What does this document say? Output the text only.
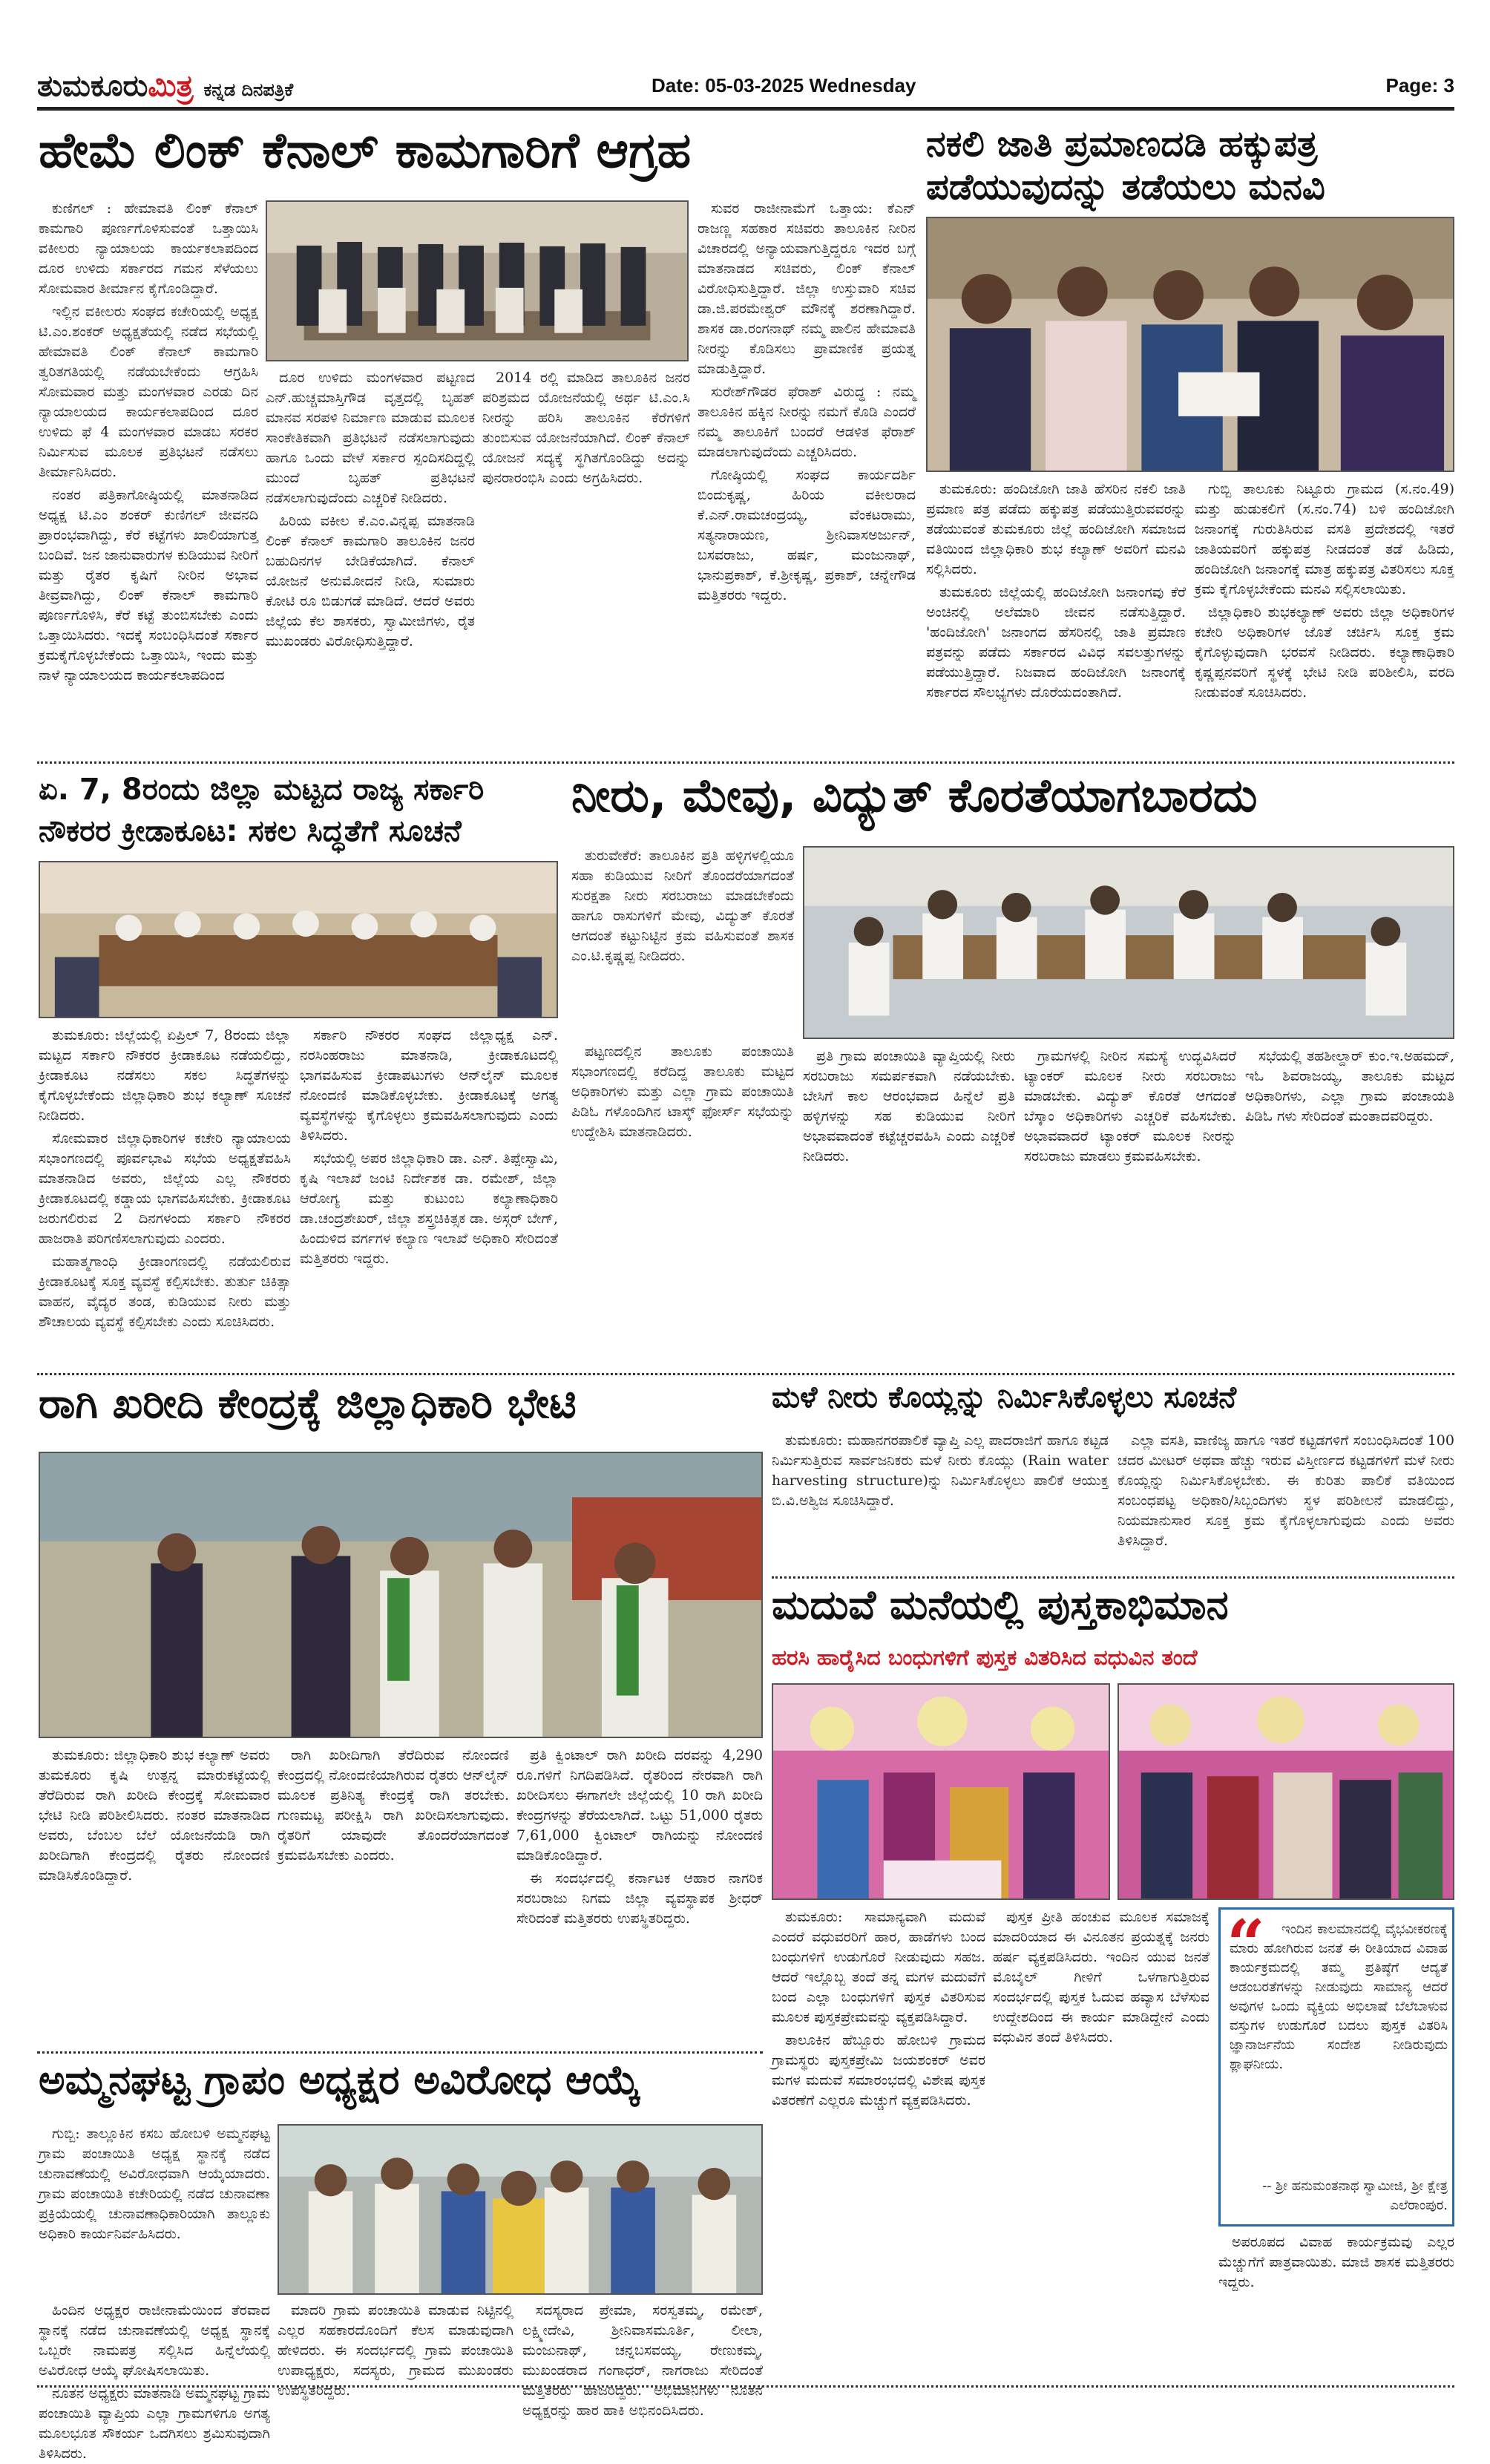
ತುಮಕೂರುಮಿತ್ರ ಕನ್ನಡ ದಿನಪತ್ರಿಕೆ	Date: 05-03-2025 Wednesday	Page: 3
ಹೇಮೆ ಲಿಂಕ್ ಕೆನಾಲ್ ಕಾಮಗಾರಿಗೆ ಆಗ್ರಹ

ಕುಣಿಗಲ್ : ಹೇಮಾವತಿ ಲಿಂಕ್ ಕೆನಾಲ್ ಕಾಮಗಾರಿ ಪೂರ್ಣಗೊಳಿಸುವಂತೆ ಒತ್ತಾಯಿಸಿ ವಕೀಲರು ನ್ಯಾಯಾಲಯ ಕಾರ್ಯಕಲಾಪದಿಂದ ದೂರ ಉಳಿದು ಸರ್ಕಾರದ ಗಮನ ಸೆಳೆಯಲು ಸೋಮವಾರ ತೀರ್ಮಾನ ಕೈಗೊಂಡಿದ್ದಾರೆ.

ಇಲ್ಲಿನ ವಕೀಲರು ಸಂಘದ ಕಚೇರಿಯಲ್ಲಿ ಅಧ್ಯಕ್ಷ ಟಿ.ಎಂ.ಶಂಕರ್ ಅಧ್ಯಕ್ಷತೆಯಲ್ಲಿ ನಡೆದ ಸಭೆಯಲ್ಲಿ ಹೇಮಾವತಿ ಲಿಂಕ್ ಕೆನಾಲ್ ಕಾಮಗಾರಿ ತ್ವರಿತಗತಿಯಲ್ಲಿ ನಡೆಯಬೇಕೆಂದು ಆಗ್ರಹಿಸಿ ಸೋಮವಾರ ಮತ್ತು ಮಂಗಳವಾರ ಎರಡು ದಿನ ನ್ಯಾಯಾಲಯದ ಕಾರ್ಯಕಲಾಪದಿಂದ ದೂರ ಉಳಿದು ಫೆ 4 ಮಂಗಳವಾರ ಮಾಡಬ ಸರಕರ ನಿರ್ಮಿಸುವ ಮೂಲಕ ಪ್ರತಿಭಟನೆ ನಡೆಸಲು ತೀರ್ಮಾನಿಸಿದರು.

ನಂತರ ಪತ್ರಿಕಾಗೋಷ್ಠಿಯಲ್ಲಿ ಮಾತನಾಡಿದ ಅಧ್ಯಕ್ಷ ಟಿ.ಎಂ ಶಂಕರ್ ಕುಣಿಗಲ್ ಜೀವನದಿ ಪ್ರಾರಂಭವಾಗಿದ್ದು, ಕೆರೆ ಕಟ್ಟೆಗಳು ಖಾಲಿಯಾಗುತ್ತ ಬಂದಿವೆ. ಜನ ಜಾನುವಾರುಗಳ ಕುಡಿಯುವ ನೀರಿಗೆ ಮತ್ತು ರೈತರ ಕೃಷಿಗೆ ನೀರಿನ ಅಭಾವ ತೀವ್ರವಾಗಿದ್ದು, ಲಿಂಕ್ ಕೆನಾಲ್ ಕಾಮಗಾರಿ ಪೂರ್ಣಗೊಳಿಸಿ, ಕೆರೆ ಕಟ್ಟೆ ತುಂಬಿಸಬೇಕು ಎಂದು ಒತ್ತಾಯಿಸಿದರು. ಇದಕ್ಕೆ ಸಂಬಂಧಿಸಿದಂತೆ ಸರ್ಕಾರ ಕ್ರಮಕೈಗೊಳ್ಳಬೇಕೆಂದು ಒತ್ತಾಯಿಸಿ, ಇಂದು ಮತ್ತು ನಾಳೆ ನ್ಯಾಯಾಲಯದ ಕಾರ್ಯಕಲಾಪದಿಂದ

ದೂರ ಉಳಿದು ಮಂಗಳವಾರ ಪಟ್ಟಣದ ಎನ್.ಹುಚ್ಚಮಾಸ್ತಿಗೌಡ ವೃತ್ತದಲ್ಲಿ ಬೃಹತ್ ಮಾನವ ಸರಪಳಿ ನಿರ್ಮಾಣ ಮಾಡುವ ಮೂಲಕ ಸಾಂಕೇತಿಕವಾಗಿ ಪ್ರತಿಭಟನೆ ನಡೆಸಲಾಗುವುದು ಹಾಗೂ ಒಂದು ವೇಳೆ ಸರ್ಕಾರ ಸ್ಪಂದಿಸದಿದ್ದಲ್ಲಿ ಮುಂದೆ ಬೃಹತ್ ಪ್ರತಿಭಟನೆ ನಡೆಸಲಾಗುವುದೆಂದು ಎಚ್ಚರಿಕೆ ನೀಡಿದರು.

ಹಿರಿಯ ವಕೀಲ ಕೆ.ಎಂ.ವಿನ್ನಪ್ಪ ಮಾತನಾಡಿ ಲಿಂಕ್ ಕೆನಾಲ್ ಕಾಮಗಾರಿ ತಾಲೂಕಿನ ಜನರ ಬಹುದಿನಗಳ ಬೇಡಿಕೆಯಾಗಿದೆ. ಕೆನಾಲ್ ಯೋಜನೆ ಅನುಮೋದನೆ ನೀಡಿ, ಸುಮಾರು ಕೋಟಿ ರೂ ಬಿಡುಗಡೆ ಮಾಡಿದೆ. ಆದರೆ ಅವರು ಜಿಲ್ಲೆಯ ಕೆಲ ಶಾಸಕರು, ಸ್ವಾಮೀಜಿಗಳು, ರೈತ ಮುಖಂಡರು ವಿರೋಧಿಸುತ್ತಿದ್ದಾರೆ.

2014 ರಲ್ಲಿ ಮಾಡಿದ ತಾಲೂಕಿನ ಜನರ ಪರಿಶ್ರಮದ ಯೋಜನೆಯಲ್ಲಿ ಅರ್ಥ ಟಿ.ಎಂ.ಸಿ ನೀರನ್ನು ಹರಿಸಿ ತಾಲೂಕಿನ ಕೆರೆಗಳಿಗೆ ತುಂಬಿಸುವ ಯೋಜನೆಯಾಗಿದೆ. ಲಿಂಕ್ ಕೆನಾಲ್ ಯೋಜನೆ ಸದ್ಯಕ್ಕೆ ಸ್ಥಗಿತಗೊಂಡಿದ್ದು ಅದನ್ನು ಪುನರಾರಂಭಿಸಿ ಎಂದು ಅಗ್ರಹಿಸಿದರು.

ಸುವರ ರಾಜೀನಾಮೆಗೆ ಒತ್ತಾಯ: ಕೆಎನ್ ರಾಜಣ್ಣ ಸಹಕಾರ ಸಚಿವರು ತಾಲೂಕಿನ ನೀರಿನ ವಿಚಾರದಲ್ಲಿ ಅನ್ಯಾಯವಾಗುತ್ತಿದ್ದರೂ ಇದರ ಬಗ್ಗೆ ಮಾತನಾಡದ ಸಚಿವರು, ಲಿಂಕ್ ಕೆನಾಲ್ ವಿರೋಧಿಸುತ್ತಿದ್ದಾರೆ. ಜಿಲ್ಲಾ ಉಸ್ತುವಾರಿ ಸಚಿವ ಡಾ.ಜಿ.ಪರಮೇಶ್ವರ್ ಮೌನಕ್ಕೆ ಶರಣಾಗಿದ್ದಾರೆ. ಶಾಸಕ ಡಾ.ರಂಗನಾಥ್ ನಮ್ಮ ಪಾಲಿನ ಹೇಮಾವತಿ ನೀರನ್ನು ಕೊಡಿಸಲು ಪ್ರಾಮಾಣಿಕ ಪ್ರಯತ್ನ ಮಾಡುತ್ತಿದ್ದಾರೆ.

ಸುರೇಶ್‌ಗೌಡರ ಫೆರಾಶ್ ವಿರುದ್ಧ : ನಮ್ಮ ತಾಲೂಕಿನ ಹಕ್ಕಿನ ನೀರನ್ನು ನಮಗೆ ಕೊಡಿ ಎಂದರೆ ನಮ್ಮ ತಾಲೂಕಿಗೆ ಬಂದರೆ ಆಡಳಿತ ಫೆರಾಶ್ ಮಾಡಲಾಗುವುದೆಂದು ಎಚ್ಚರಿಸಿದರು.

ಗೋಷ್ಠಿಯಲ್ಲಿ ಸಂಘದ ಕಾರ್ಯದರ್ಶಿ ಬಿಂದುಕೃಷ್ಣ, ಹಿರಿಯ ವಕೀಲರಾದ ಕೆ.ಎನ್.ರಾಮಚಂದ್ರಯ್ಯ, ವೆಂಕಟರಾಮು, ಸತ್ಯನಾರಾಯಣ, ಶ್ರೀನಿವಾಸಅರ್ಜುನ್, ಬಸವರಾಜು, ಹರ್ಷ, ಮಂಜುನಾಥ್, ಭಾನುಪ್ರಕಾಶ್, ಕೆ.ಶ್ರೀಕೃಷ್ಣ, ಪ್ರಕಾಶ್, ಚನ್ನೇಗೌಡ ಮತ್ತಿತರರು ಇದ್ದರು.

ನಕಲಿ ಜಾತಿ ಪ್ರಮಾಣದಡಿ ಹಕ್ಕುಪತ್ರ ಪಡೆಯುವುದನ್ನು ತಡೆಯಲು ಮನವಿ

ತುಮಕೂರು: ಹಂದಿಜೋಗಿ ಜಾತಿ ಹೆಸರಿನ ನಕಲಿ ಜಾತಿ ಪ್ರಮಾಣ ಪತ್ರ ಪಡೆದು ಹಕ್ಕುಪತ್ರ ಪಡೆಯುತ್ತಿರುವವರನ್ನು ತಡೆಯುವಂತೆ ತುಮಕೂರು ಜಿಲ್ಲೆ ಹಂದಿಜೋಗಿ ಸಮಾಜದ ವತಿಯಿಂದ ಜಿಲ್ಲಾಧಿಕಾರಿ ಶುಭ ಕಲ್ಯಾಣ್ ಅವರಿಗೆ ಮನವಿ ಸಲ್ಲಿಸಿದರು.

ತುಮಕೂರು ಜಿಲ್ಲೆಯಲ್ಲಿ ಹಂದಿಜೋಗಿ ಜನಾಂಗವು ಕೆರೆ ಅಂಚಿನಲ್ಲಿ ಅಲೆಮಾರಿ ಜೀವನ ನಡೆಸುತ್ತಿದ್ದಾರೆ. 'ಹಂದಿಜೋಗಿ' ಜನಾಂಗದ ಹೆಸರಿನಲ್ಲಿ ಜಾತಿ ಪ್ರಮಾಣ ಪತ್ರವನ್ನು ಪಡೆದು ಸರ್ಕಾರದ ವಿವಿಧ ಸವಲತ್ತುಗಳನ್ನು ಪಡೆಯುತ್ತಿದ್ದಾರೆ. ನಿಜವಾದ ಹಂದಿಜೋಗಿ ಜನಾಂಗಕ್ಕೆ ಸರ್ಕಾರದ ಸೌಲಭ್ಯಗಳು ದೊರೆಯದಂತಾಗಿದೆ.

ಗುಬ್ಬಿ ತಾಲೂಕು ನಿಟ್ಟೂರು ಗ್ರಾಮದ (ಸ.ನಂ.49) ಮತ್ತು ಹುಡುಕಲಿಗೆ (ಸ.ನಂ.74) ಬಳಿ ಹಂದಿಜೋಗಿ ಜನಾಂಗಕ್ಕೆ ಗುರುತಿಸಿರುವ ವಸತಿ ಪ್ರದೇಶದಲ್ಲಿ ಇತರೆ ಜಾತಿಯವರಿಗೆ ಹಕ್ಕುಪತ್ರ ನೀಡದಂತೆ ತಡೆ ಹಿಡಿದು, ಹಂದಿಜೋಗಿ ಜನಾಂಗಕ್ಕೆ ಮಾತ್ರ ಹಕ್ಕುಪತ್ರ ವಿತರಿಸಲು ಸೂಕ್ತ ಕ್ರಮ ಕೈಗೊಳ್ಳಬೇಕೆಂದು ಮನವಿ ಸಲ್ಲಿಸಲಾಯಿತು.

ಜಿಲ್ಲಾಧಿಕಾರಿ ಶುಭಕಲ್ಯಾಣ್ ಅವರು ಜಿಲ್ಲಾ ಅಧಿಕಾರಿಗಳ ಕಚೇರಿ ಅಧಿಕಾರಿಗಳ ಜೊತೆ ಚರ್ಚಿಸಿ ಸೂಕ್ತ ಕ್ರಮ ಕೈಗೊಳ್ಳುವುದಾಗಿ ಭರವಸೆ ನೀಡಿದರು. ಕಲ್ಯಾಣಾಧಿಕಾರಿ ಕೃಷ್ಣಪ್ಪನವರಿಗೆ ಸ್ಥಳಕ್ಕೆ ಭೇಟಿ ನೀಡಿ ಪರಿಶೀಲಿಸಿ, ವರದಿ ನೀಡುವಂತೆ ಸೂಚಿಸಿದರು.

ಏ. 7, 8ರಂದು ಜಿಲ್ಲಾ ಮಟ್ಟದ ರಾಜ್ಯ ಸರ್ಕಾರಿ ನೌಕರರ ಕ್ರೀಡಾಕೂಟ: ಸಕಲ ಸಿದ್ಧತೆಗೆ ಸೂಚನೆ

ತುಮಕೂರು: ಜಿಲ್ಲೆಯಲ್ಲಿ ಏಪ್ರಿಲ್ 7, 8ರಂದು ಜಿಲ್ಲಾ ಮಟ್ಟದ ಸರ್ಕಾರಿ ನೌಕರರ ಕ್ರೀಡಾಕೂಟ ನಡೆಯಲಿದ್ದು, ಕ್ರೀಡಾಕೂಟ ನಡೆಸಲು ಸಕಲ ಸಿದ್ಧತೆಗಳನ್ನು ಕೈಗೊಳ್ಳಬೇಕೆಂದು ಜಿಲ್ಲಾಧಿಕಾರಿ ಶುಭ ಕಲ್ಯಾಣ್ ಸೂಚನೆ ನೀಡಿದರು.

ಸೋಮವಾರ ಜಿಲ್ಲಾಧಿಕಾರಿಗಳ ಕಚೇರಿ ನ್ಯಾಯಾಲಯ ಸಭಾಂಗಣದಲ್ಲಿ ಪೂರ್ವಭಾವಿ ಸಭೆಯ ಅಧ್ಯಕ್ಷತೆವಹಿಸಿ ಮಾತನಾಡಿದ ಅವರು, ಜಿಲ್ಲೆಯ ಎಲ್ಲ ನೌಕರರು ಕ್ರೀಡಾಕೂಟದಲ್ಲಿ ಕಡ್ಡಾಯ ಭಾಗವಹಿಸಬೇಕು. ಕ್ರೀಡಾಕೂಟ ಜರುಗಲಿರುವ 2 ದಿನಗಳಂದು ಸರ್ಕಾರಿ ನೌಕರರ ಹಾಜರಾತಿ ಪರಿಗಣಿಸಲಾಗುವುದು ಎಂದರು.

ಮಹಾತ್ಮಗಾಂಧಿ ಕ್ರೀಡಾಂಗಣದಲ್ಲಿ ನಡೆಯಲಿರುವ ಕ್ರೀಡಾಕೂಟಕ್ಕೆ ಸೂಕ್ತ ವ್ಯವಸ್ಥೆ ಕಲ್ಪಿಸಬೇಕು. ತುರ್ತು ಚಿಕಿತ್ಸಾ ವಾಹನ, ವೈದ್ಯರ ತಂಡ, ಕುಡಿಯುವ ನೀರು ಮತ್ತು ಶೌಚಾಲಯ ವ್ಯವಸ್ಥೆ ಕಲ್ಪಿಸಬೇಕು ಎಂದು ಸೂಚಿಸಿದರು.

ಸರ್ಕಾರಿ ನೌಕರರ ಸಂಘದ ಜಿಲ್ಲಾಧ್ಯಕ್ಷ ಎನ್. ನರಸಿಂಹರಾಜು ಮಾತನಾಡಿ, ಕ್ರೀಡಾಕೂಟದಲ್ಲಿ ಭಾಗವಹಿಸುವ ಕ್ರೀಡಾಪಟುಗಳು ಆನ್‌ಲೈನ್ ಮೂಲಕ ನೋಂದಣಿ ಮಾಡಿಕೊಳ್ಳಬೇಕು. ಕ್ರೀಡಾಕೂಟಕ್ಕೆ ಅಗತ್ಯ ವ್ಯವಸ್ಥೆಗಳನ್ನು ಕೈಗೊಳ್ಳಲು ಕ್ರಮವಹಿಸಲಾಗುವುದು ಎಂದು ತಿಳಿಸಿದರು.

ಸಭೆಯಲ್ಲಿ ಅಪರ ಜಿಲ್ಲಾಧಿಕಾರಿ ಡಾ. ಎನ್. ತಿಪ್ಪೇಸ್ವಾಮಿ, ಕೃಷಿ ಇಲಾಖೆ ಜಂಟಿ ನಿರ್ದೇಶಕ ಡಾ. ರಮೇಶ್, ಜಿಲ್ಲಾ ಆರೋಗ್ಯ ಮತ್ತು ಕುಟುಂಬ ಕಲ್ಯಾಣಾಧಿಕಾರಿ ಡಾ.ಚಂದ್ರಶೇಖರ್, ಜಿಲ್ಲಾ ಶಸ್ತ್ರಚಿಕಿತ್ಸಕ ಡಾ. ಅಸ್ಗರ್ ಬೇಗ್, ಹಿಂದುಳಿದ ವರ್ಗಗಳ ಕಲ್ಯಾಣ ಇಲಾಖೆ ಅಧಿಕಾರಿ ಸೇರಿದಂತೆ ಮತ್ತಿತರರು ಇದ್ದರು.

ನೀರು, ಮೇವು, ವಿದ್ಯುತ್ ಕೊರತೆಯಾಗಬಾರದು

ತುರುವೇಕೆರೆ: ತಾಲೂಕಿನ ಪ್ರತಿ ಹಳ್ಳಿಗಳಲ್ಲಿಯೂ ಸಹಾ ಕುಡಿಯುವ ನೀರಿಗೆ ತೊಂದರೆಯಾಗದಂತೆ ಸುರಕ್ಷತಾ ನೀರು ಸರಬರಾಜು ಮಾಡಬೇಕೆಂದು ಹಾಗೂ ರಾಸುಗಳಿಗೆ ಮೇವು, ವಿದ್ಯುತ್ ಕೊರತೆ ಆಗದಂತೆ ಕಟ್ಟುನಿಟ್ಟಿನ ಕ್ರಮ ವಹಿಸುವಂತೆ ಶಾಸಕ ಎಂ.ಟಿ.ಕೃಷ್ಣಪ್ಪ ನೀಡಿದರು.

ಪಟ್ಟಣದಲ್ಲಿನ ತಾಲೂಕು ಪಂಚಾಯಿತಿ ಸಭಾಂಗಣದಲ್ಲಿ ಕರೆದಿದ್ದ ತಾಲೂಕು ಮಟ್ಟದ ಅಧಿಕಾರಿಗಳು ಮತ್ತು ಎಲ್ಲಾ ಗ್ರಾಮ ಪಂಚಾಯಿತಿ ಪಿಡಿಓ ಗಳೊಂದಿಗಿನ ಟಾಸ್ಕ್ ಫೋರ್ಸ್ ಸಭೆಯನ್ನು ಉದ್ದೇಶಿಸಿ ಮಾತನಾಡಿದರು.

ಪ್ರತಿ ಗ್ರಾಮ ಪಂಚಾಯಿತಿ ವ್ಯಾಪ್ತಿಯಲ್ಲಿ ನೀರು ಸರಬರಾಜು ಸಮರ್ಪಕವಾಗಿ ನಡೆಯಬೇಕು. ಬೇಸಿಗೆ ಕಾಲ ಆರಂಭವಾದ ಹಿನ್ನೆಲೆ ಪ್ರತಿ ಹಳ್ಳಿಗಳನ್ನು ಸಹ ಕುಡಿಯುವ ನೀರಿಗೆ ಅಭಾವವಾದಂತೆ ಕಟ್ಟೆಚ್ಚರವಹಿಸಿ ಎಂದು ಎಚ್ಚರಿಕೆ ನೀಡಿದರು.

ಗ್ರಾಮಗಳಲ್ಲಿ ನೀರಿನ ಸಮಸ್ಯೆ ಉದ್ಭವಿಸಿದರೆ ಟ್ಯಾಂಕರ್ ಮೂಲಕ ನೀರು ಸರಬರಾಜು ಮಾಡಬೇಕು. ವಿದ್ಯುತ್ ಕೊರತೆ ಆಗದಂತೆ ಬೆಸ್ಕಾಂ ಅಧಿಕಾರಿಗಳು ಎಚ್ಚರಿಕೆ ವಹಿಸಬೇಕು. ಅಭಾವವಾದರೆ ಟ್ಯಾಂಕರ್ ಮೂಲಕ ನೀರನ್ನು ಸರಬರಾಜು ಮಾಡಲು ಕ್ರಮವಹಿಸಬೇಕು.

ಸಭೆಯಲ್ಲಿ ತಹಶೀಲ್ದಾರ್ ಕುಂ.ಇ.ಅಹಮದ್, ಇಓ ಶಿವರಾಜಯ್ಯ, ತಾಲೂಕು ಮಟ್ಟದ ಅಧಿಕಾರಿಗಳು, ಎಲ್ಲಾ ಗ್ರಾಮ ಪಂಚಾಯತಿ ಪಿಡಿಓ ಗಳು ಸೇರಿದಂತೆ ಮಂತಾದವರಿದ್ದರು.

ರಾಗಿ ಖರೀದಿ ಕೇಂದ್ರಕ್ಕೆ ಜಿಲ್ಲಾಧಿಕಾರಿ ಭೇಟಿ

ತುಮಕೂರು: ಜಿಲ್ಲಾಧಿಕಾರಿ ಶುಭ ಕಲ್ಯಾಣ್ ಅವರು ತುಮಕೂರು ಕೃಷಿ ಉತ್ಪನ್ನ ಮಾರುಕಟ್ಟೆಯಲ್ಲಿ ತೆರೆದಿರುವ ರಾಗಿ ಖರೀದಿ ಕೇಂದ್ರಕ್ಕೆ ಸೋಮವಾರ ಭೇಟಿ ನೀಡಿ ಪರಿಶೀಲಿಸಿದರು. ನಂತರ ಮಾತನಾಡಿದ ಅವರು, ಬೆಂಬಲ ಬೆಲೆ ಯೋಜನೆಯಡಿ ರಾಗಿ ಖರೀದಿಗಾಗಿ ಕೇಂದ್ರದಲ್ಲಿ ರೈತರು ನೋಂದಣಿ ಮಾಡಿಸಿಕೊಂಡಿದ್ದಾರೆ.

ರಾಗಿ ಖರೀದಿಗಾಗಿ ತೆರೆದಿರುವ ನೋಂದಣಿ ಕೇಂದ್ರದಲ್ಲಿ ನೋಂದಣಿಯಾಗಿರುವ ರೈತರು ಆನ್‌ಲೈನ್ ಮೂಲಕ ಪ್ರತಿನಿತ್ಯ ಕೇಂದ್ರಕ್ಕೆ ರಾಗಿ ತರಬೇಕು. ಗುಣಮಟ್ಟ ಪರೀಕ್ಷಿಸಿ ರಾಗಿ ಖರೀದಿಸಲಾಗುವುದು. ರೈತರಿಗೆ ಯಾವುದೇ ತೊಂದರೆಯಾಗದಂತೆ ಕ್ರಮವಹಿಸಬೇಕು ಎಂದರು.

ಪ್ರತಿ ಕ್ವಿಂಟಾಲ್ ರಾಗಿ ಖರೀದಿ ದರವನ್ನು 4,290 ರೂ.ಗಳಿಗೆ ನಿಗದಿಪಡಿಸಿದೆ. ರೈತರಿಂದ ನೇರವಾಗಿ ರಾಗಿ ಖರೀದಿಸಲು ಈಗಾಗಲೇ ಜಿಲ್ಲೆಯಲ್ಲಿ 10 ರಾಗಿ ಖರೀದಿ ಕೇಂದ್ರಗಳನ್ನು ತೆರೆಯಲಾಗಿದೆ. ಒಟ್ಟು 51,000 ರೈತರು 7,61,000 ಕ್ವಿಂಟಾಲ್ ರಾಗಿಯನ್ನು ನೋಂದಣಿ ಮಾಡಿಕೊಂಡಿದ್ದಾರೆ.

ಈ ಸಂದರ್ಭದಲ್ಲಿ ಕರ್ನಾಟಕ ಆಹಾರ ನಾಗರಿಕ ಸರಬರಾಜು ನಿಗಮ ಜಿಲ್ಲಾ ವ್ಯವಸ್ಥಾಪಕ ಶ್ರೀಧರ್ ಸೇರಿದಂತೆ ಮತ್ತಿತರರು ಉಪಸ್ಥಿತರಿದ್ದರು.

ಮಳೆ ನೀರು ಕೊಯ್ಲನ್ನು ನಿರ್ಮಿಸಿಕೊಳ್ಳಲು ಸೂಚನೆ

ತುಮಕೂರು: ಮಹಾನಗರಪಾಲಿಕೆ ವ್ಯಾಪ್ತಿ ಎಲ್ಲ ಪಾದರಾಜಿಗೆ ಹಾಗೂ ಕಟ್ಟಡ ನಿರ್ಮಿಸುತ್ತಿರುವ ಸಾರ್ವಜನಿಕರು ಮಳೆ ನೀರು ಕೊಯ್ಲು (Rain water harvesting structure)ನ್ನು ನಿರ್ಮಿಸಿಕೊಳ್ಳಲು ಪಾಲಿಕೆ ಆಯುಕ್ತ ಬಿ.ವಿ.ಅಶ್ವಿಜ ಸೂಚಿಸಿದ್ದಾರೆ.

ಎಲ್ಲಾ ವಸತಿ, ವಾಣಿಜ್ಯ ಹಾಗೂ ಇತರೆ ಕಟ್ಟಡಗಳಿಗೆ ಸಂಬಂಧಿಸಿದಂತೆ 100 ಚದರ ಮೀಟರ್ ಅಥವಾ ಹೆಚ್ಚು ಇರುವ ವಿಸ್ತೀರ್ಣದ ಕಟ್ಟಡಗಳಿಗೆ ಮಳೆ ನೀರು ಕೊಯ್ಲನ್ನು ನಿರ್ಮಿಸಿಕೊಳ್ಳಬೇಕು. ಈ ಕುರಿತು ಪಾಲಿಕೆ ವತಿಯಿಂದ ಸಂಬಂಧಪಟ್ಟ ಅಧಿಕಾರಿ/ಸಿಬ್ಬಂದಿಗಳು ಸ್ಥಳ ಪರಿಶೀಲನೆ ಮಾಡಲಿದ್ದು, ನಿಯಮಾನುಸಾರ ಸೂಕ್ತ ಕ್ರಮ ಕೈಗೊಳ್ಳಲಾಗುವುದು ಎಂದು ಅವರು ತಿಳಿಸಿದ್ದಾರೆ.

ಮದುವೆ ಮನೆಯಲ್ಲಿ ಪುಸ್ತಕಾಭಿಮಾನ
ಹರಸಿ ಹಾರೈಸಿದ ಬಂಧುಗಳಿಗೆ ಪುಸ್ತಕ ವಿತರಿಸಿದ ವಧುವಿನ ತಂದೆ

ತುಮಕೂರು: ಸಾಮಾನ್ಯವಾಗಿ ಮದುವೆ ಎಂದರೆ ವಧುವರರಿಗೆ ಹಾರ, ಹಾಡೆಗಳು ಬಂದ ಬಂಧುಗಳಿಗೆ ಉಡುಗೊರೆ ನೀಡುವುದು ಸಹಜ. ಆದರೆ ಇಲ್ಲೊಬ್ಬ ತಂದೆ ತನ್ನ ಮಗಳ ಮದುವೆಗೆ ಬಂದ ಎಲ್ಲಾ ಬಂಧುಗಳಿಗೆ ಪುಸ್ತಕ ವಿತರಿಸುವ ಮೂಲಕ ಪುಸ್ತಕಪ್ರೇಮವನ್ನು ವ್ಯಕ್ತಪಡಿಸಿದ್ದಾರೆ.

ತಾಲೂಕಿನ ಹೆಬ್ಬೂರು ಹೋಬಳಿ ಗ್ರಾಮದ ಗ್ರಾಮಸ್ಥರು ಪುಸ್ತಕಪ್ರೇಮಿ ಜಯಶಂಕರ್ ಅವರ ಮಗಳ ಮದುವೆ ಸಮಾರಂಭದಲ್ಲಿ ವಿಶೇಷ ಪುಸ್ತಕ ವಿತರಣೆಗೆ ಎಲ್ಲರೂ ಮೆಚ್ಚುಗೆ ವ್ಯಕ್ತಪಡಿಸಿದರು.

ಪುಸ್ತಕ ಪ್ರೀತಿ ಹಂಚುವ ಮೂಲಕ ಸಮಾಜಕ್ಕೆ ಮಾದರಿಯಾದ ಈ ವಿನೂತನ ಪ್ರಯತ್ನಕ್ಕೆ ಜನರು ಹರ್ಷ ವ್ಯಕ್ತಪಡಿಸಿದರು. ಇಂದಿನ ಯುವ ಜನತೆ ಮೊಬೈಲ್ ಗೀಳಿಗೆ ಒಳಗಾಗುತ್ತಿರುವ ಸಂದರ್ಭದಲ್ಲಿ ಪುಸ್ತಕ ಓದುವ ಹವ್ಯಾಸ ಬೆಳೆಸುವ ಉದ್ದೇಶದಿಂದ ಈ ಕಾರ್ಯ ಮಾಡಿದ್ದೇನೆ ಎಂದು ವಧುವಿನ ತಂದೆ ತಿಳಿಸಿದರು.

“	ಇಂದಿನ ಕಾಲಮಾನದಲ್ಲಿ ವೈಭವೀಕರಣಕ್ಕೆ ಮಾರು ಹೋಗಿರುವ ಜನತೆ ಈ ರೀತಿಯಾದ ವಿವಾಹ ಕಾರ್ಯಕ್ರಮದಲ್ಲಿ ತಮ್ಮ ಪ್ರತಿಷ್ಠೆಗೆ ಆದ್ಯತೆ ಆಡಂಬರತೆಗಳನ್ನು ನೀಡುವುದು ಸಾಮಾನ್ಯ ಆದರೆ ಅವುಗಳ ಒಂದು ವ್ಯಕ್ತಿಯ ಅಭಿಲಾಷೆ ಬೆಲೆಬಾಳುವ ವಸ್ತುಗಳ ಉಡುಗೊರೆ ಬದಲು ಪುಸ್ತಕ ವಿತರಿಸಿ ಜ್ಞಾನಾರ್ಜನೆಯ ಸಂದೇಶ ನೀಡಿರುವುದು ಶ್ಲಾಘನೀಯ.
-- ಶ್ರೀ ಹನುಮಂತನಾಥ ಸ್ವಾಮೀಜಿ, ಶ್ರೀ ಕ್ಷೇತ್ರ ಎಲೆರಾಂಪುರ.

ಅಪರೂಪದ ವಿವಾಹ ಕಾರ್ಯಕ್ರಮವು ಎಲ್ಲರ ಮೆಚ್ಚುಗೆಗೆ ಪಾತ್ರವಾಯಿತು. ಮಾಜಿ ಶಾಸಕ ಮತ್ತಿತರರು ಇದ್ದರು.

ಅಮ್ಮನಘಟ್ಟ ಗ್ರಾಪಂ ಅಧ್ಯಕ್ಷರ ಅವಿರೋಧ ಆಯ್ಕೆ

ಗುಬ್ಬಿ: ತಾಲ್ಲೂಕಿನ ಕಸಬ ಹೋಬಳಿ ಅಮ್ಮನಘಟ್ಟ ಗ್ರಾಮ ಪಂಚಾಯಿತಿ ಅಧ್ಯಕ್ಷ ಸ್ಥಾನಕ್ಕೆ ನಡೆದ ಚುನಾವಣೆಯಲ್ಲಿ ಅವಿರೋಧವಾಗಿ ಆಯ್ಕೆಯಾದರು. ಗ್ರಾಮ ಪಂಚಾಯಿತಿ ಕಚೇರಿಯಲ್ಲಿ ನಡೆದ ಚುನಾವಣಾ ಪ್ರಕ್ರಿಯೆಯಲ್ಲಿ ಚುನಾವಣಾಧಿಕಾರಿಯಾಗಿ ತಾಲ್ಲೂಕು ಅಧಿಕಾರಿ ಕಾರ್ಯನಿರ್ವಹಿಸಿದರು.

ಮಾದರಿ ಗ್ರಾಮ ಪಂಚಾಯಿತಿ ಮಾಡುವ ನಿಟ್ಟಿನಲ್ಲಿ ಎಲ್ಲರ ಸಹಕಾರದೊಂದಿಗೆ ಕೆಲಸ ಮಾಡುವುದಾಗಿ ಹೇಳಿದರು. ಈ ಸಂದರ್ಭದಲ್ಲಿ ಗ್ರಾಮ ಪಂಚಾಯಿತಿ ಉಪಾಧ್ಯಕ್ಷರು, ಸದಸ್ಯರು, ಗ್ರಾಮದ ಮುಖಂಡರು ಉಪಸ್ಥಿತರಿದ್ದರು.

ಸದಸ್ಯರಾದ ಪ್ರೇಮಾ, ಸರಸ್ವತಮ್ಮ, ರಮೇಶ್, ಲಕ್ಷ್ಮೀದೇವಿ, ಶ್ರೀನಿವಾಸಮೂರ್ತಿ, ಲೀಲಾ, ಮಂಜುನಾಥ್, ಚನ್ನಬಸವಯ್ಯ, ರೇಣುಕಮ್ಮ, ಮುಖಂಡರಾದ ಗಂಗಾಧರ್, ನಾಗರಾಜು ಸೇರಿದಂತೆ ಮತ್ತಿತರರು ಹಾಜರಿದ್ದರು. ಅಭಿಮಾನಿಗಳು ನೂತನ ಅಧ್ಯಕ್ಷರನ್ನು ಹಾರ ಹಾಕಿ ಅಭಿನಂದಿಸಿದರು.

ಹಿಂದಿನ ಅಧ್ಯಕ್ಷರ ರಾಜೀನಾಮೆಯಿಂದ ತೆರವಾದ ಸ್ಥಾನಕ್ಕೆ ನಡೆದ ಚುನಾವಣೆಯಲ್ಲಿ ಅಧ್ಯಕ್ಷ ಸ್ಥಾನಕ್ಕೆ ಒಬ್ಬರೇ ನಾಮಪತ್ರ ಸಲ್ಲಿಸಿದ ಹಿನ್ನೆಲೆಯಲ್ಲಿ ಅವಿರೋಧ ಆಯ್ಕೆ ಘೋಷಿಸಲಾಯಿತು.

ನೂತನ ಅಧ್ಯಕ್ಷರು ಮಾತನಾಡಿ ಅಮ್ಮನಘಟ್ಟ ಗ್ರಾಮ ಪಂಚಾಯಿತಿ ವ್ಯಾಪ್ತಿಯ ಎಲ್ಲಾ ಗ್ರಾಮಗಳಿಗೂ ಅಗತ್ಯ ಮೂಲಭೂತ ಸೌಕರ್ಯ ಒದಗಿಸಲು ಶ್ರಮಿಸುವುದಾಗಿ ತಿಳಿಸಿದರು.
